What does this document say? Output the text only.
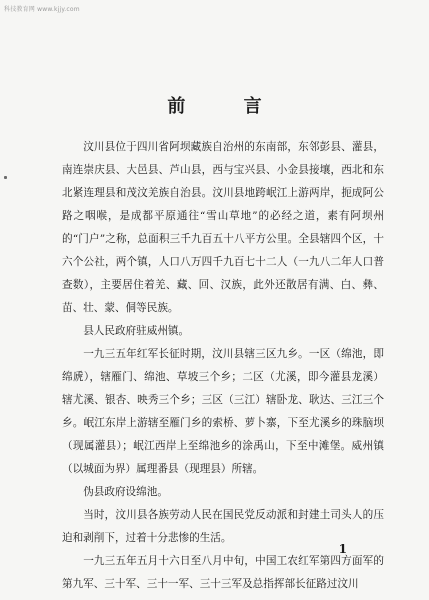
科技教育网 www.kjjy.com
前 言

汶川县位于四川省阿坝藏族自治州的东南部，东邻彭县、灌县，南连崇庆县、大邑县、芦山县，西与宝兴县、小金县接壤，西北和东北紧连理县和茂汶羌族自治县。汶川县地跨岷江上游两岸，扼成阿公路之咽喉，是成都平原通往“雪山草地”的必经之道，素有阿坝州的“门户”之称，总面积三千九百五十八平方公里。全县辖四个区，十六个公社，两个镇，人口八万四千九百七十二人（一九八二年人口普查数），主要居住着羌、藏、回、汉族，此外还散居有满、白、彝、苗、壮、蒙、侗等民族。

县人民政府驻威州镇。

一九三五年红军长征时期，汶川县辖三区九乡。一区（绵池，即绵虒），辖雁门、绵池、草坡三个乡；二区（尤溪，即今灌县龙溪）辖尤溪、银杏、映秀三个乡；三区（三江）辖卧龙、耿达、三江三个乡。岷江东岸上游辖至雁门乡的索桥、萝卜寨，下至尤溪乡的珠脑坝（现属灌县）；岷江西岸上至绵池乡的涂禹山，下至中滩堡。威州镇（以城面为界）属理番县（现理县）所辖。

伪县政府设绵池。

当时，汶川县各族劳动人民在国民党反动派和封建土司头人的压迫和剥削下，过着十分悲惨的生活。

一九三五年五月十六日至八月中旬，中国工农红军第四方面军的第九军、三十军、三十一军、三十三军及总指挥部长征路过汶川

1
